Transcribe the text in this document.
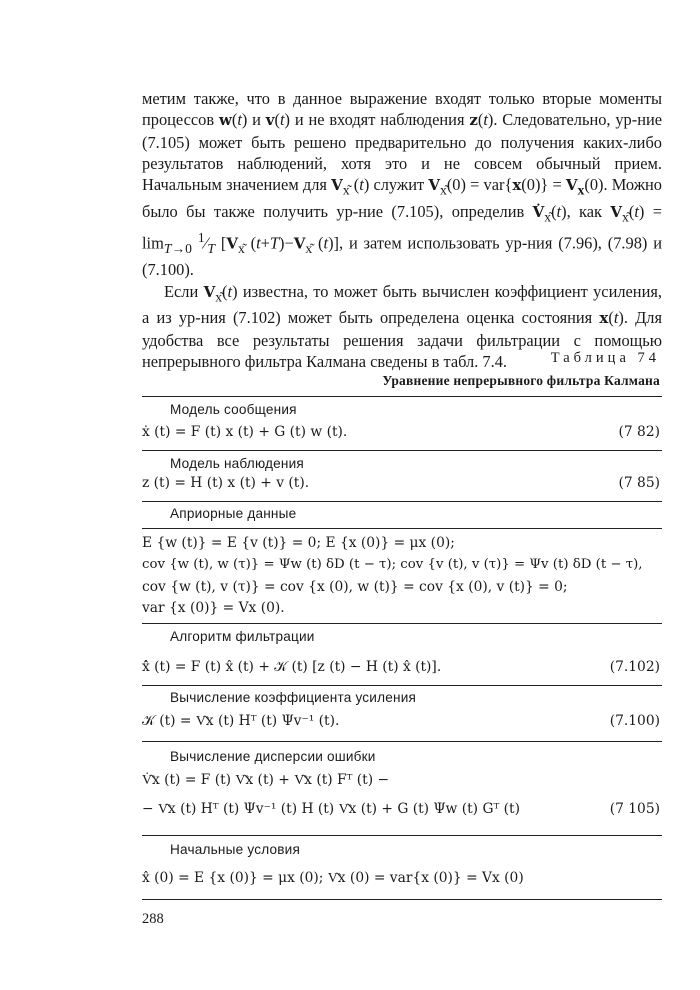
метим также, что в данное выражение входят только вторые моменты процессов w(t) и v(t) и не входят наблюдения z(t). Следовательно, ур-ние (7.105) может быть решено предварительно до получения каких-либо результатов наблюдений, хотя это и не совсем обычный прием. Начальным значением для $V_{x͂}$ (t) служит $V_{x͂}(0) = var\{x(0)\} = V_x(0)$. Можно было бы также получить ур-ние (7.105), определив $V̇_{x͂}(t)$, как $V_{x͂}(t) = \lim_{T\to 0}$ $^1⁄_T$ [$V_{x͂}$ $(t+T)-V_{x͂}$ (t)], и затем использовать ур-ния (7.96), (7.98) и (7.100).

Если $V_{x͂}(t)$ известна, то может быть вычислен коэффициент усиления, а из ур-ния (7.102) может быть определена оценка состояния x(t). Для удобства все результаты решения задачи фильтрации с помощью непрерывного фильтра Калмана сведены в табл. 7.4.	Таблица 74
Уравнение непрерывного фильтра Калмана
Модель сообщения
ẋ (t) = F (t) x (t) + G (t) w (t).	(7 82)
Модель наблюдения
z (t) = H (t) x (t) + v (t).	(7 85)
Априорные данные
E {w (t)} = E {v (t)} = 0; E {x (0)} = μx (0);
cov {w (t), w (τ)} = Ψw (t) δD (t − τ); cov {v (t), v (τ)} = Ψv (t) δD (t − τ),
cov {w (t), v (τ)} = cov {x (0), w (t)} = cov {x (0), v (t)} = 0;
var {x (0)} = Vx (0).
Алгоритм фильтрации
x̂̇ (t) = F (t) x̂ (t) + 𝒦 (t) [z (t) − H (t) x̂ (t)].	(7.102)
Вычисление коэффициента усиления
𝒦 (t) = V͂x (t) Hᵀ (t) Ψv⁻¹ (t).	(7.100)
Вычисление дисперсии ошибки
V̇͂x (t) = F (t) V͂x (t) + V͂x (t) Fᵀ (t) −
− V͂x (t) Hᵀ (t) Ψv⁻¹ (t) H (t) V͂x (t) + G (t) Ψw (t) Gᵀ (t)	(7 105)
Начальные условия
x̂ (0) = E {x (0)} = μx (0); V͂x (0) = var{x (0)} = Vx (0)
288
